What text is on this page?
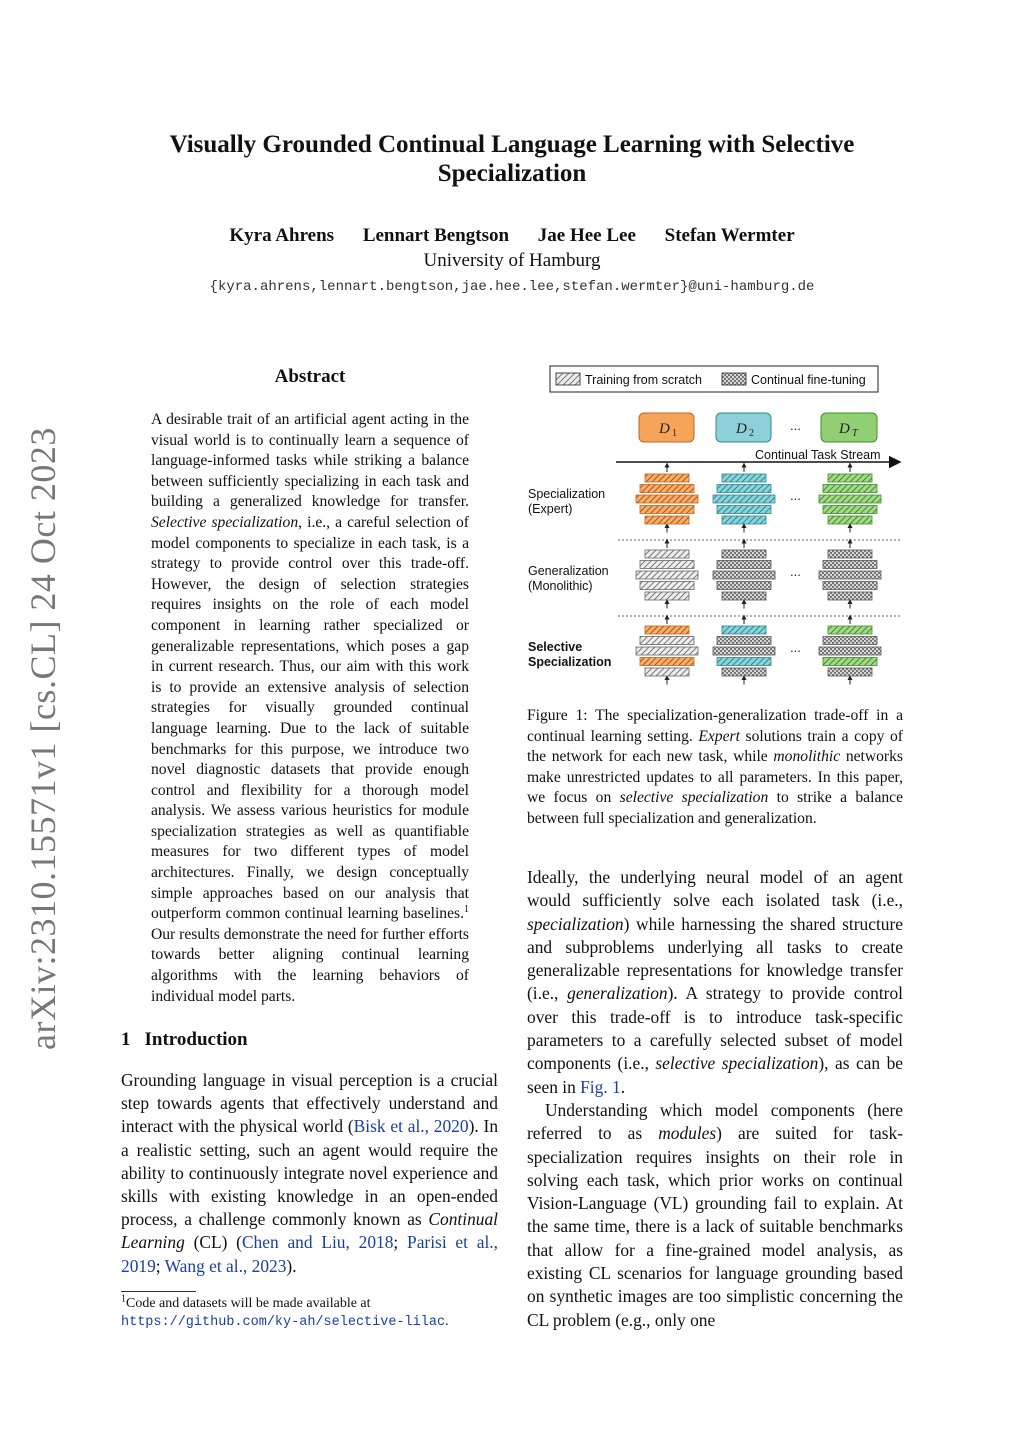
Visually Grounded Continual Language Learning with Selective Specialization
Kyra Ahrens Lennart Bengtson Jae Hee Lee Stefan Wermter
University of Hamburg
{kyra.ahrens,lennart.bengtson,jae.hee.lee,stefan.wermter}@uni-hamburg.de
arXiv:2310.15571v1 [cs.CL] 24 Oct 2023
Abstract
A desirable trait of an artificial agent acting in the visual world is to continually learn a sequence of language-informed tasks while striking a balance between sufficiently specializing in each task and building a generalized knowledge for transfer. Selective specialization, i.e., a careful selection of model components to specialize in each task, is a strategy to provide control over this trade-off. However, the design of selection strategies requires insights on the role of each model component in learning rather specialized or generalizable representations, which poses a gap in current research. Thus, our aim with this work is to provide an extensive analysis of selection strategies for visually grounded continual language learning. Due to the lack of suitable benchmarks for this purpose, we introduce two novel diagnostic datasets that provide enough control and flexibility for a thorough model analysis. We assess various heuristics for module specialization strategies as well as quantifiable measures for two different types of model architectures. Finally, we design conceptually simple approaches based on our analysis that outperform common continual learning baselines.$^1$ Our results demonstrate the need for further efforts towards better aligning continual learning algorithms with the learning behaviors of individual model parts.
1 Introduction
Grounding language in visual perception is a crucial step towards agents that effectively understand and interact with the physical world (Bisk et al., 2020). In a realistic setting, such an agent would require the ability to continuously integrate novel experience and skills with existing knowledge in an open-ended process, a challenge commonly known as Continual Learning (CL) (Chen and Liu, 2018; Parisi et al., 2019; Wang et al., 2023).
$^1$Code and datasets will be made available at https://github.com/ky-ah/selective-lilac.
Training from scratch	Continual fine-tuning
D 1	D 2
...	D T
Continual Task Stream
Specialization
(Expert)
Generalization
(Monolithic)
Selective
Specialization
...
...
...
Figure 1: The specialization-generalization trade-off in a continual learning setting. Expert solutions train a copy of the network for each new task, while monolithic networks make unrestricted updates to all parameters. In this paper, we focus on selective specialization to strike a balance between full specialization and generalization.

Ideally, the underlying neural model of an agent would sufficiently solve each isolated task (i.e., specialization) while harnessing the shared structure and subproblems underlying all tasks to create generalizable representations for knowledge transfer (i.e., generalization). A strategy to provide control over this trade-off is to introduce task-specific parameters to a carefully selected subset of model components (i.e., selective specialization), as can be seen in Fig. 1.

Understanding which model components (here referred to as modules) are suited for task-specialization requires insights on their role in solving each task, which prior works on continual Vision-Language (VL) grounding fail to explain. At the same time, there is a lack of suitable benchmarks that allow for a fine-grained model analysis, as existing CL scenarios for language grounding based on synthetic images are too simplistic concerning the CL problem (e.g., only one
